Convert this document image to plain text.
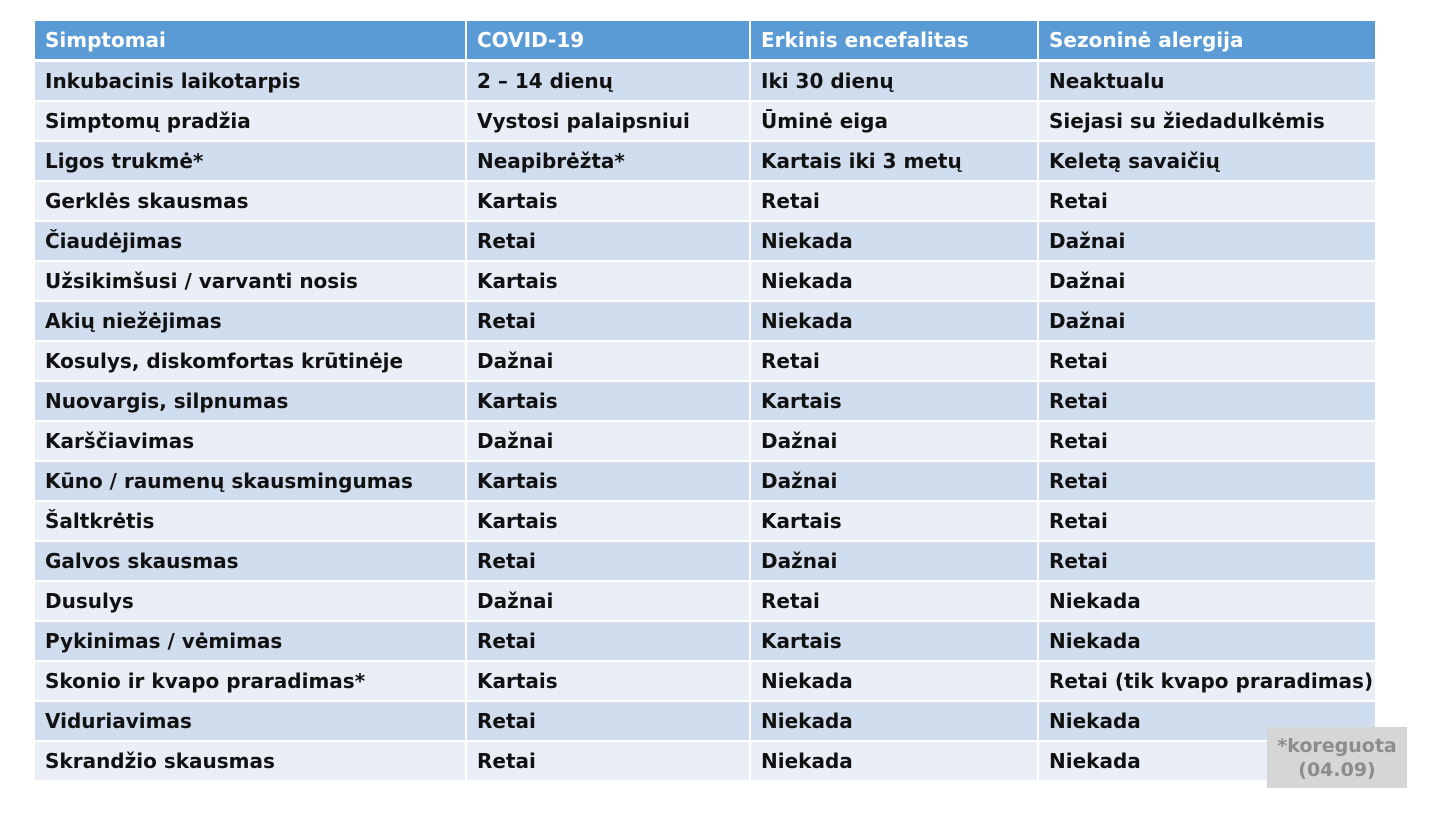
Simptomai	COVID-19	Erkinis encefalitas	Sezoninė alergija
Inkubacinis laikotarpis	2 – 14 dienų	Iki 30 dienų	Neaktualu
Simptomų pradžia	Vystosi palaipsniui	Ūminė eiga	Siejasi su žiedadulkėmis
Ligos trukmė*	Neapibrėžta*	Kartais iki 3 metų	Keletą savaičių
Gerklės skausmas	Kartais	Retai	Retai
Čiaudėjimas	Retai	Niekada	Dažnai
Užsikimšusi / varvanti nosis	Kartais	Niekada	Dažnai
Akių niežėjimas	Retai	Niekada	Dažnai
Kosulys, diskomfortas krūtinėje	Dažnai	Retai	Retai
Nuovargis, silpnumas	Kartais	Kartais	Retai
Karščiavimas	Dažnai	Dažnai	Retai
Kūno / raumenų skausmingumas	Kartais	Dažnai	Retai
Šaltkrėtis	Kartais	Kartais	Retai
Galvos skausmas	Retai	Dažnai	Retai
Dusulys	Dažnai	Retai	Niekada
Pykinimas / vėmimas	Retai	Kartais	Niekada
Skonio ir kvapo praradimas*	Kartais	Niekada	Retai (tik kvapo praradimas)
Viduriavimas	Retai	Niekada	Niekada
Skrandžio skausmas	Retai	Niekada	Niekada
*koreguota
(04.09)
